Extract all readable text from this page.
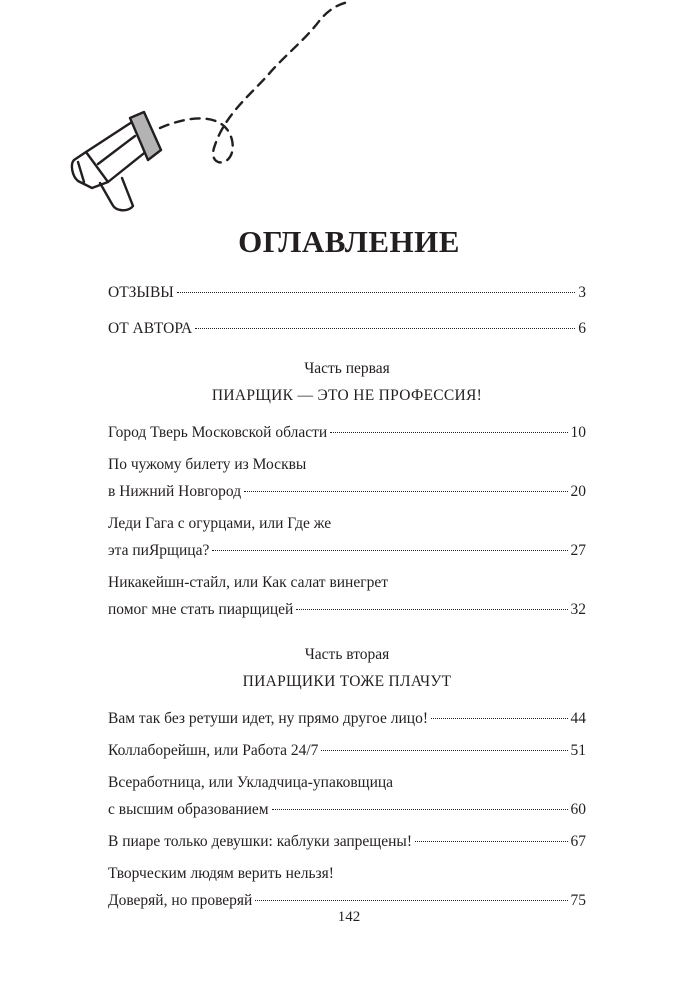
ОГЛАВЛЕНИЕ
ОТЗЫВЫ	3
ОТ АВТОРА	6
Часть первая
ПИАРЩИК — ЭТО НЕ ПРОФЕССИЯ!
Город Тверь Московской области	10
По чужому билету из Москвы
в Нижний Новгород	20
Леди Гага с огурцами, или Где же
эта пиЯрщица?	27
Никакейшн-стайл, или Как салат винегрет
помог мне стать пиарщицей	32
Часть вторая
ПИАРЩИКИ ТОЖЕ ПЛАЧУТ
Вам так без ретуши идет, ну прямо другое лицо!	44
Коллаборейшн, или Работа 24/7	51
Всеработница, или Укладчица-упаковщица
с высшим образованием	60
В пиаре только девушки: каблуки запрещены!	67
Творческим людям верить нельзя!
Доверяй, но проверяй	75
142
